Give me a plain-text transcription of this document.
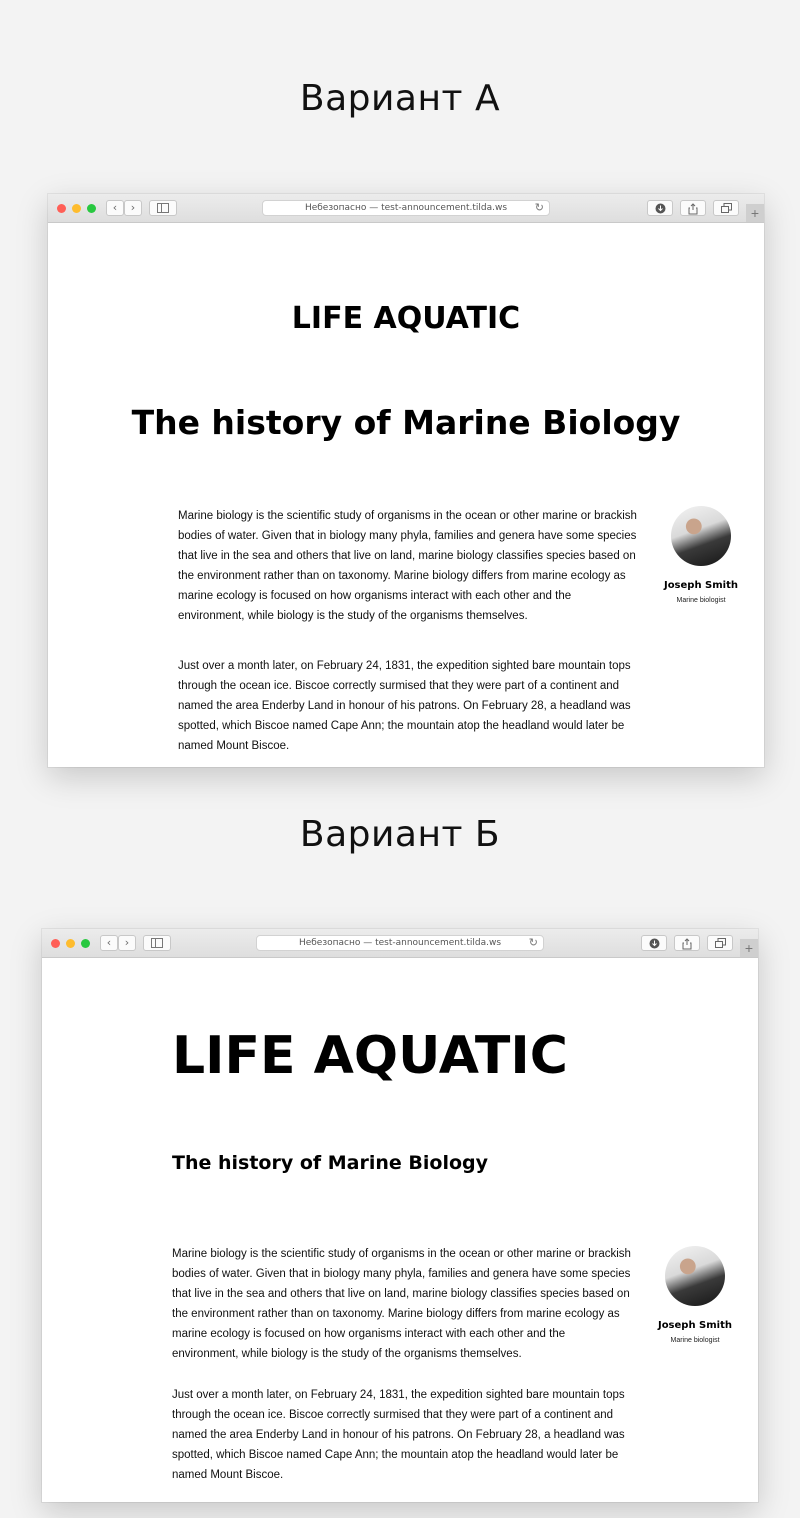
Вариант А
‹	›	Небезопасно — test-announcement.tilda.ws	↻	+
LIFE AQUATIC
The history of Marine Biology

Marine biology is the scientific study of organisms in the ocean or other marine or brackish bodies of water. Given that in biology many phyla, families and genera have some species that live in the sea and others that live on land, marine biology classifies species based on the environment rather than on taxonomy. Marine biology differs from marine ecology as marine ecology is focused on how organisms interact with each other and the environment, while biology is the study of the organisms themselves.

Just over a month later, on February 24, 1831, the expedition sighted bare mountain tops through the ocean ice. Biscoe correctly surmised that they were part of a continent and named the area Enderby Land in honour of his patrons. On February 28, a headland was spotted, which Biscoe named Cape Ann; the mountain atop the headland would later be named Mount Biscoe.

Joseph Smith
Marine biologist
Вариант Б
‹	›	Небезопасно — test-announcement.tilda.ws	↻	+
LIFE AQUATIC
The history of Marine Biology

Marine biology is the scientific study of organisms in the ocean or other marine or brackish bodies of water. Given that in biology many phyla, families and genera have some species that live in the sea and others that live on land, marine biology classifies species based on the environment rather than on taxonomy. Marine biology differs from marine ecology as marine ecology is focused on how organisms interact with each other and the environment, while biology is the study of the organisms themselves.

Just over a month later, on February 24, 1831, the expedition sighted bare mountain tops through the ocean ice. Biscoe correctly surmised that they were part of a continent and named the area Enderby Land in honour of his patrons. On February 28, a headland was spotted, which Biscoe named Cape Ann; the mountain atop the headland would later be named Mount Biscoe.

Joseph Smith
Marine biologist
